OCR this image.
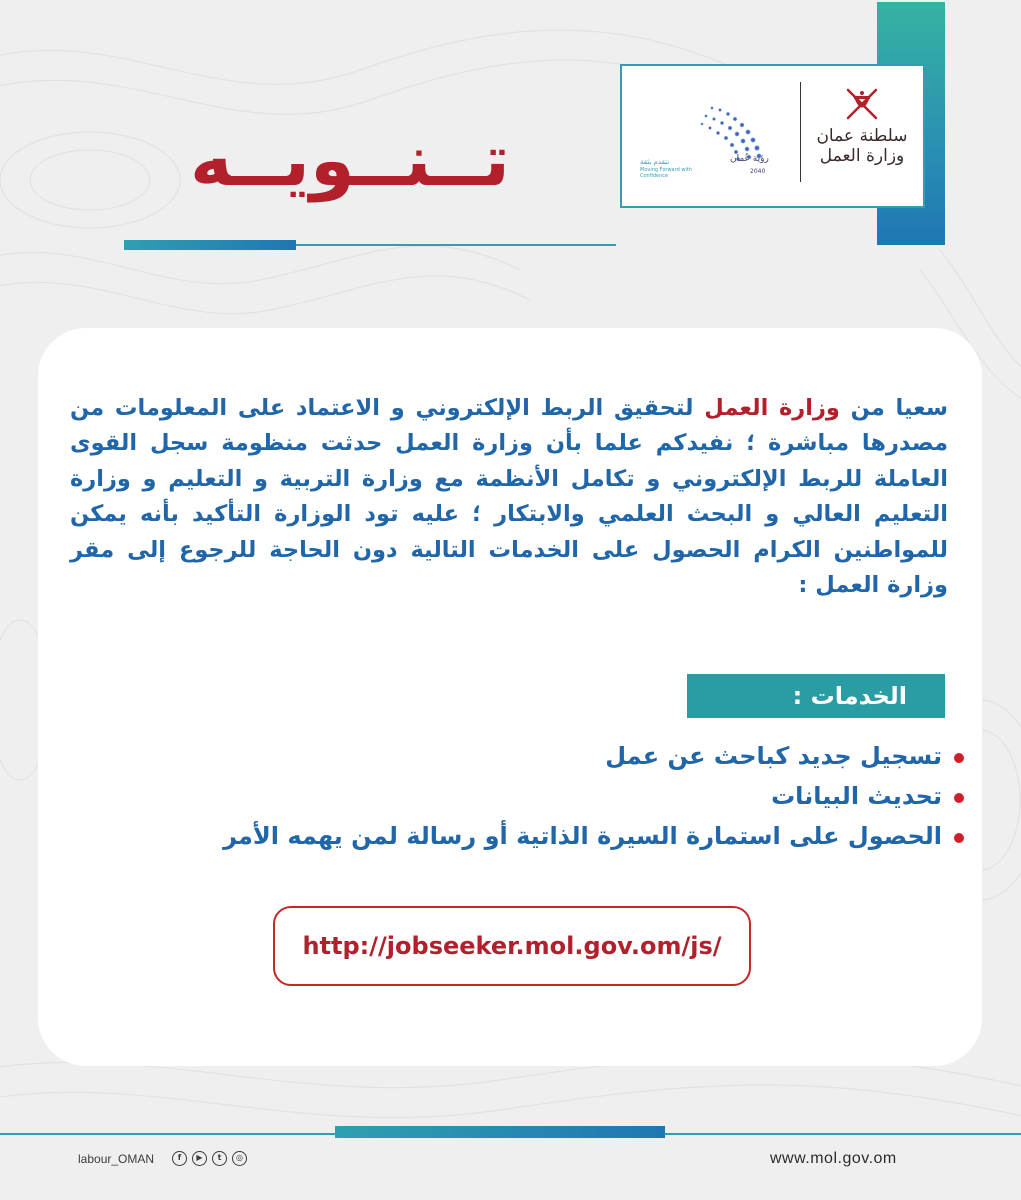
رؤية عُمان
2040
نتقدم بثقة
Moving Forward with Confidence
سلطنة عمان
وزارة العمل
تــنــويــه

سعيا من وزارة العمل لتحقيق الربط الإلكتروني و الاعتماد على المعلومات من مصدرها مباشرة ؛ نفيدكم علما بأن وزارة العمل حدثت منظومة سجل القوى العاملة للربط الإلكتروني و تكامل الأنظمة مع وزارة التربية و التعليم و وزارة التعليم العالي و البحث العلمي والابتكار ؛ عليه تود الوزارة التأكيد بأنه يمكن للمواطنين الكرام الحصول على الخدمات التالية دون الحاجة للرجوع إلى مقر وزارة العمل :

الخدمات :
تسجيل جديد كباحث عن عمل
تحديث البيانات
الحصول على استمارة السيرة الذاتية أو رسالة لمن يهمه الأمر
http://jobseeker.mol.gov.om/js/
labour_OMAN	f	▶	t	◎	www.mol.gov.om
